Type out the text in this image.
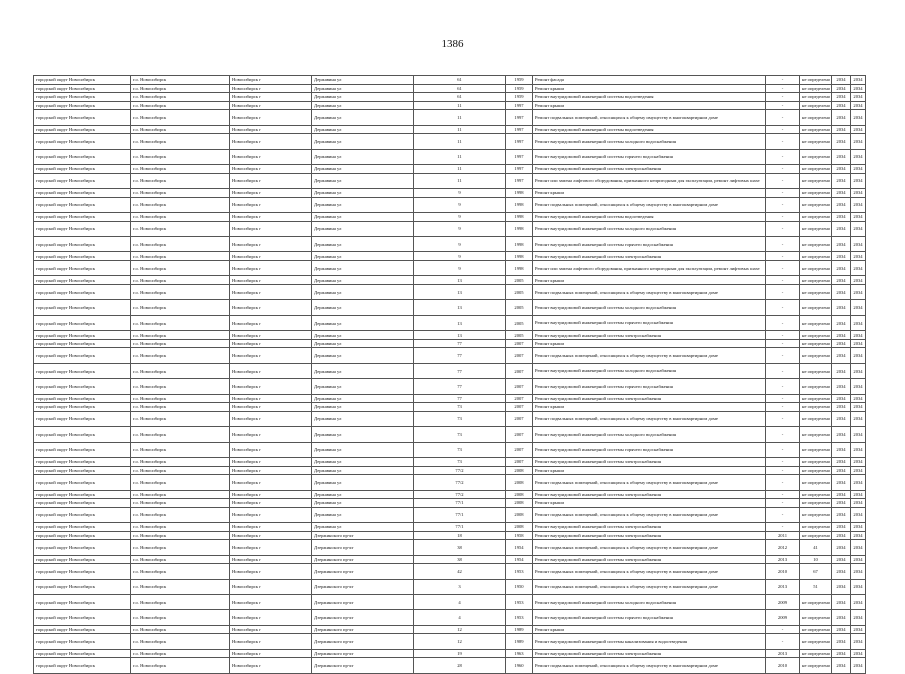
1386
городской округ Новосибирск	г.о. Новосибирск	Новосибирск г	Державина ул	61	1959	Ремонт фасада	-	не определено	2034	2034
городской округ Новосибирск	г.о. Новосибирск	Новосибирск г	Державина ул	61	1959	Ремонт крыши	-	не определено	2034	2034
городской округ Новосибирск	г.о. Новосибирск	Новосибирск г	Державина ул	61	1959	Ремонт внутридомовой инженерной системы водоотведения	-	не определено	2034	2034
городской округ Новосибирск	г.о. Новосибирск	Новосибирск г	Державина ул	11	1997	Ремонт крыши	-	не определено	2034	2034
городской округ Новосибирск	г.о. Новосибирск	Новосибирск г	Державина ул	11	1997	Ремонт подвальных помещений, относящихся к общему имуществу в многоквартирном доме	-	не определено	2034	2034
городской округ Новосибирск	г.о. Новосибирск	Новосибирск г	Державина ул	11	1997	Ремонт внутридомовой инженерной системы водоотведения	-	не определено	2034	2034
городской округ Новосибирск	г.о. Новосибирск	Новосибирск г	Державина ул	11	1997	Ремонт внутридомовой инженерной системы холодного водоснабжения	-	не определено	2034	2034
городской округ Новосибирск	г.о. Новосибирск	Новосибирск г	Державина ул	11	1997	Ремонт внутридомовой инженерной системы горячего водоснабжения	-	не определено	2034	2034
городской округ Новосибирск	г.о. Новосибирск	Новосибирск г	Державина ул	11	1997	Ремонт внутридомовой инженерной системы электроснабжения	-	не определено	2034	2034
городской округ Новосибирск	г.о. Новосибирск	Новосибирск г	Державина ул	11	1997	Ремонт или замена лифтового оборудования, признанного непригодным для эксплуатации, ремонт лифтовых шахт	-	не определено	2034	2034
городской округ Новосибирск	г.о. Новосибирск	Новосибирск г	Державина ул	9	1998	Ремонт крыши	-	не определено	2034	2034
городской округ Новосибирск	г.о. Новосибирск	Новосибирск г	Державина ул	9	1998	Ремонт подвальных помещений, относящихся к общему имуществу в многоквартирном доме	-	не определено	2034	2034
городской округ Новосибирск	г.о. Новосибирск	Новосибирск г	Державина ул	9	1998	Ремонт внутридомовой инженерной системы водоотведения	-	не определено	2034	2034
городской округ Новосибирск	г.о. Новосибирск	Новосибирск г	Державина ул	9	1998	Ремонт внутридомовой инженерной системы холодного водоснабжения	-	не определено	2034	2034
городской округ Новосибирск	г.о. Новосибирск	Новосибирск г	Державина ул	9	1998	Ремонт внутридомовой инженерной системы горячего водоснабжения	-	не определено	2034	2034
городской округ Новосибирск	г.о. Новосибирск	Новосибирск г	Державина ул	9	1998	Ремонт внутридомовой инженерной системы электроснабжения	-	не определено	2034	2034
городской округ Новосибирск	г.о. Новосибирск	Новосибирск г	Державина ул	9	1998	Ремонт или замена лифтового оборудования, признанного непригодным для эксплуатации, ремонт лифтовых шахт	-	не определено	2034	2034
городской округ Новосибирск	г.о. Новосибирск	Новосибирск г	Державина ул	13	2005	Ремонт крыши	-	не определено	2034	2034
городской округ Новосибирск	г.о. Новосибирск	Новосибирск г	Державина ул	13	2005	Ремонт подвальных помещений, относящихся к общему имуществу в многоквартирном доме	-	не определено	2034	2034
городской округ Новосибирск	г.о. Новосибирск	Новосибирск г	Державина ул	13	2005	Ремонт внутридомовой инженерной системы холодного водоснабжения	-	не определено	2034	2034
городской округ Новосибирск	г.о. Новосибирск	Новосибирск г	Державина ул	13	2005	Ремонт внутридомовой инженерной системы горячего водоснабжения	-	не определено	2034	2034
городской округ Новосибирск	г.о. Новосибирск	Новосибирск г	Державина ул	13	2005	Ремонт внутридомовой инженерной системы электроснабжения	-	не определено	2034	2034
городской округ Новосибирск	г.о. Новосибирск	Новосибирск г	Державина ул	77	2007	Ремонт крыши	-	не определено	2034	2034
городской округ Новосибирск	г.о. Новосибирск	Новосибирск г	Державина ул	77	2007	Ремонт подвальных помещений, относящихся к общему имуществу в многоквартирном доме	-	не определено	2034	2034
городской округ Новосибирск	г.о. Новосибирск	Новосибирск г	Державина ул	77	2007	Ремонт внутридомовой инженерной системы холодного водоснабжения	-	не определено	2034	2034
городской округ Новосибирск	г.о. Новосибирск	Новосибирск г	Державина ул	77	2007	Ремонт внутридомовой инженерной системы горячего водоснабжения	-	не определено	2034	2034
городской округ Новосибирск	г.о. Новосибирск	Новосибирск г	Державина ул	77	2007	Ремонт внутридомовой инженерной системы электроснабжения	-	не определено	2034	2034
городской округ Новосибирск	г.о. Новосибирск	Новосибирск г	Державина ул	73	2007	Ремонт крыши	-	не определено	2034	2034
городской округ Новосибирск	г.о. Новосибирск	Новосибирск г	Державина ул	73	2007	Ремонт подвальных помещений, относящихся к общему имуществу в многоквартирном доме	-	не определено	2034	2034
городской округ Новосибирск	г.о. Новосибирск	Новосибирск г	Державина ул	73	2007	Ремонт внутридомовой инженерной системы холодного водоснабжения	-	не определено	2034	2034
городской округ Новосибирск	г.о. Новосибирск	Новосибирск г	Державина ул	73	2007	Ремонт внутридомовой инженерной системы горячего водоснабжения	-	не определено	2034	2034
городской округ Новосибирск	г.о. Новосибирск	Новосибирск г	Державина ул	73	2007	Ремонт внутридомовой инженерной системы электроснабжения	-	не определено	2034	2034
городской округ Новосибирск	г.о. Новосибирск	Новосибирск г	Державина ул	77/2	2008	Ремонт крыши	-	не определено	2034	2034
городской округ Новосибирск	г.о. Новосибирск	Новосибирск г	Державина ул	77/2	2008	Ремонт подвальных помещений, относящихся к общему имуществу в многоквартирном доме	-	не определено	2034	2034
городской округ Новосибирск	г.о. Новосибирск	Новосибирск г	Державина ул	77/2	2008	Ремонт внутридомовой инженерной системы электроснабжения	-	не определено	2034	2034
городской округ Новосибирск	г.о. Новосибирск	Новосибирск г	Державина ул	77/1	2008	Ремонт крыши	-	не определено	2034	2034
городской округ Новосибирск	г.о. Новосибирск	Новосибирск г	Державина ул	77/1	2008	Ремонт подвальных помещений, относящихся к общему имуществу в многоквартирном доме	-	не определено	2034	2034
городской округ Новосибирск	г.о. Новосибирск	Новосибирск г	Державина ул	77/1	2008	Ремонт внутридомовой инженерной системы электроснабжения	-	не определено	2034	2034
городской округ Новосибирск	г.о. Новосибирск	Новосибирск г	Дзержинского пр-кт	18	1958	Ремонт внутридомовой инженерной системы электроснабжения	2011	не определено	2034	2034
городской округ Новосибирск	г.о. Новосибирск	Новосибирск г	Дзержинского пр-кт	38	1954	Ремонт подвальных помещений, относящихся к общему имуществу в многоквартирном доме	2012	41	2034	2034
городской округ Новосибирск	г.о. Новосибирск	Новосибирск г	Дзержинского пр-кт	38	1954	Ремонт внутридомовой инженерной системы электроснабжения	2013	10	2034	2034
городской округ Новосибирск	г.о. Новосибирск	Новосибирск г	Дзержинского пр-кт	42	1953	Ремонт подвальных помещений, относящихся к общему имуществу в многоквартирном доме	2010	67	2034	2034
городской округ Новосибирск	г.о. Новосибирск	Новосибирск г	Дзержинского пр-кт	3	1950	Ремонт подвальных помещений, относящихся к общему имуществу в многоквартирном доме	2013	51	2034	2034
городской округ Новосибирск	г.о. Новосибирск	Новосибирск г	Дзержинского пр-кт	4	1953	Ремонт внутридомовой инженерной системы холодного водоснабжения	2009	не определено	2034	2034
городской округ Новосибирск	г.о. Новосибирск	Новосибирск г	Дзержинского пр-кт	4	1953	Ремонт внутридомовой инженерной системы горячего водоснабжения	2009	не определено	2034	2034
городской округ Новосибирск	г.о. Новосибирск	Новосибирск г	Дзержинского пр-кт	12	1989	Ремонт крыши	-	не определено	2034	2034
городской округ Новосибирск	г.о. Новосибирск	Новосибирск г	Дзержинского пр-кт	12	1989	Ремонт внутридомовой инженерной системы канализования и водоотведения	-	не определено	2034	2034
городской округ Новосибирск	г.о. Новосибирск	Новосибирск г	Дзержинского пр-кт	19	1963	Ремонт внутридомовой инженерной системы электроснабжения	2013	не определено	2034	2034
городской округ Новосибирск	г.о. Новосибирск	Новосибирск г	Дзержинского пр-кт	28	1960	Ремонт подвальных помещений, относящихся к общему имуществу в многоквартирном доме	2010	не определено	2034	2034
